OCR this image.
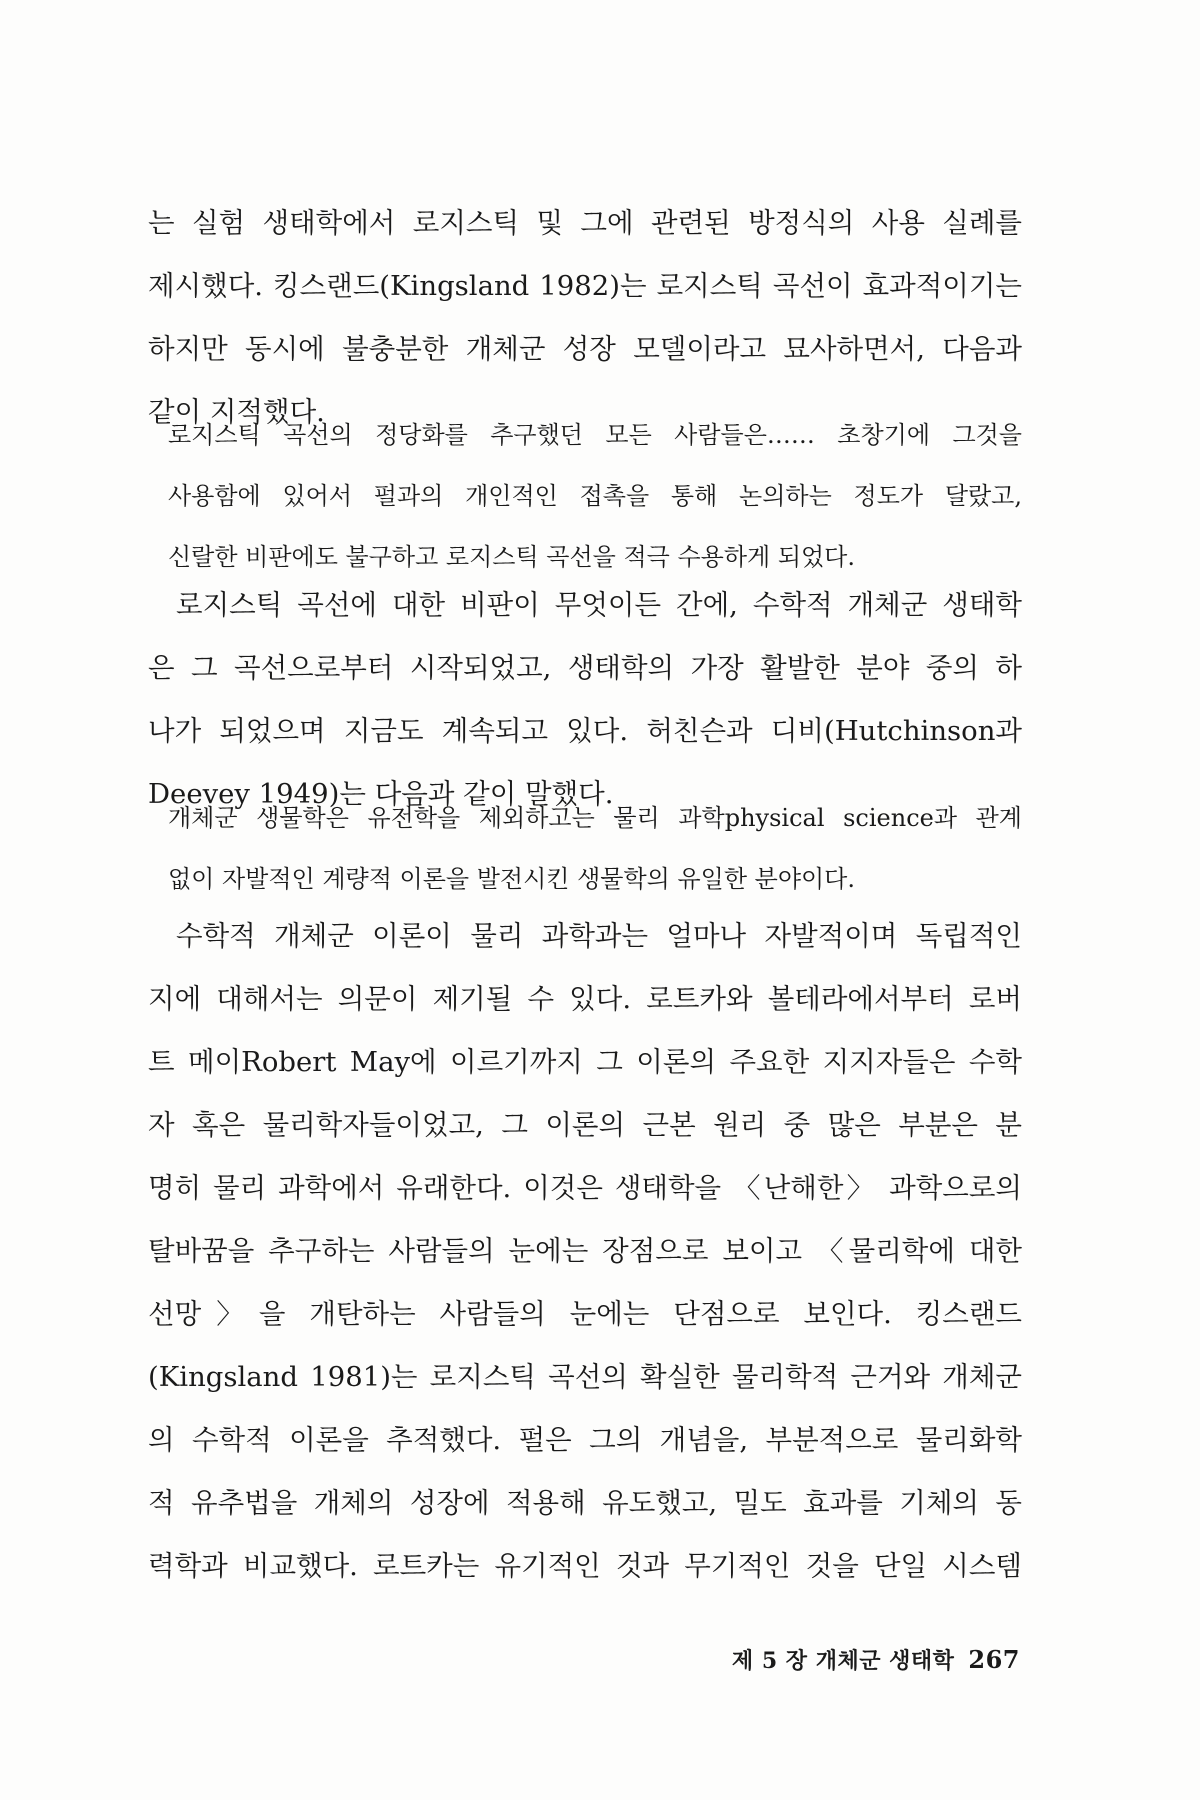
는 실험 생태학에서 로지스틱 및 그에 관련된 방정식의 사용 실례를
제시했다. 킹스랜드(Kingsland 1982)는 로지스틱 곡선이 효과적이기는
하지만 동시에 불충분한 개체군 성장 모델이라고 묘사하면서, 다음과
같이 지적했다.
로지스틱 곡선의 정당화를 추구했던 모든 사람들은…… 초창기에 그것을
사용함에 있어서 펄과의 개인적인 접촉을 통해 논의하는 정도가 달랐고,
신랄한 비판에도 불구하고 로지스틱 곡선을 적극 수용하게 되었다.
로지스틱 곡선에 대한 비판이 무엇이든 간에, 수학적 개체군 생태학
은 그 곡선으로부터 시작되었고, 생태학의 가장 활발한 분야 중의 하
나가 되었으며 지금도 계속되고 있다. 허친슨과 디비(Hutchinson과
Deevey 1949)는 다음과 같이 말했다.
개체군 생물학은 유전학을 제외하고는 물리 과학physical science과 관계
없이 자발적인 계량적 이론을 발전시킨 생물학의 유일한 분야이다.
수학적 개체군 이론이 물리 과학과는 얼마나 자발적이며 독립적인
지에 대해서는 의문이 제기될 수 있다. 로트카와 볼테라에서부터 로버
트 메이Robert May에 이르기까지 그 이론의 주요한 지지자들은 수학
자 혹은 물리학자들이었고, 그 이론의 근본 원리 중 많은 부분은 분
명히 물리 과학에서 유래한다. 이것은 생태학을 〈난해한〉 과학으로의
탈바꿈을 추구하는 사람들의 눈에는 장점으로 보이고 〈물리학에 대한
선망〉을 개탄하는 사람들의 눈에는 단점으로 보인다. 킹스랜드
(Kingsland 1981)는 로지스틱 곡선의 확실한 물리학적 근거와 개체군
의 수학적 이론을 추적했다. 펄은 그의 개념을, 부분적으로 물리화학
적 유추법을 개체의 성장에 적용해 유도했고, 밀도 효과를 기체의 동
력학과 비교했다. 로트카는 유기적인 것과 무기적인 것을 단일 시스템
제 5 장 개체군 생태학 267
